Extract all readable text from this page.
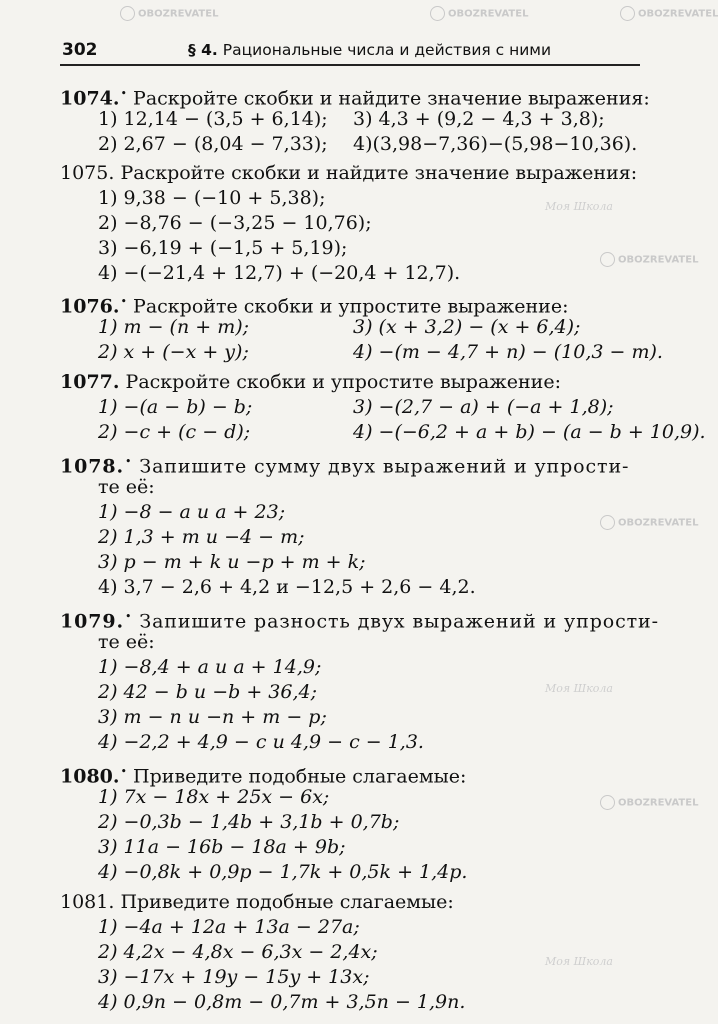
OBOZREVATEL	OBOZREVATEL	OBOZREVATEL
OBOZREVATEL
OBOZREVATEL
OBOZREVATEL
Моя Школа
Моя Школа
Моя Школа
302	§ 4. Рациональные числа и действия с ними
1074.• Раскройте скобки и найдите значение выражения:
1) 12,14 − (3,5 + 6,14); 3) 4,3 + (9,2 − 4,3 + 3,8);
2) 2,67 − (8,04 − 7,33); 4)(3,98−7,36)−(5,98−10,36).
1075. Раскройте скобки и найдите значение выражения:
1) 9,38 − (−10 + 5,38);
2) −8,76 − (−3,25 − 10,76);
3) −6,19 + (−1,5 + 5,19);
4) −(−21,4 + 12,7) + (−20,4 + 12,7).
1076.• Раскройте скобки и упростите выражение:
1) m − (n + m);	3) (x + 3,2) − (x + 6,4);
2) x + (−x + y);	4) −(m − 4,7 + n) − (10,3 − m).
1077. Раскройте скобки и упростите выражение:
1) −(a − b) − b;	3) −(2,7 − a) + (−a + 1,8);
2) −c + (c − d);	4) −(−6,2 + a + b) − (a − b + 10,9).
1078.• Запишите сумму двух выражений и упрости-
те её:
1) −8 − a и a + 23;
2) 1,3 + m и −4 − m;
3) p − m + k и −p + m + k;
4) 3,7 − 2,6 + 4,2 и −12,5 + 2,6 − 4,2.
1079.• Запишите разность двух выражений и упрости-
те её:
1) −8,4 + a и a + 14,9;
2) 42 − b и −b + 36,4;
3) m − n и −n + m − p;
4) −2,2 + 4,9 − c и 4,9 − c − 1,3.
1080.• Приведите подобные слагаемые:
1) 7x − 18x + 25x − 6x;
2) −0,3b − 1,4b + 3,1b + 0,7b;
3) 11a − 16b − 18a + 9b;
4) −0,8k + 0,9p − 1,7k + 0,5k + 1,4p.
1081. Приведите подобные слагаемые:
1) −4a + 12a + 13a − 27a;
2) 4,2x − 4,8x − 6,3x − 2,4x;
3) −17x + 19y − 15y + 13x;
4) 0,9n − 0,8m − 0,7m + 3,5n − 1,9n.
